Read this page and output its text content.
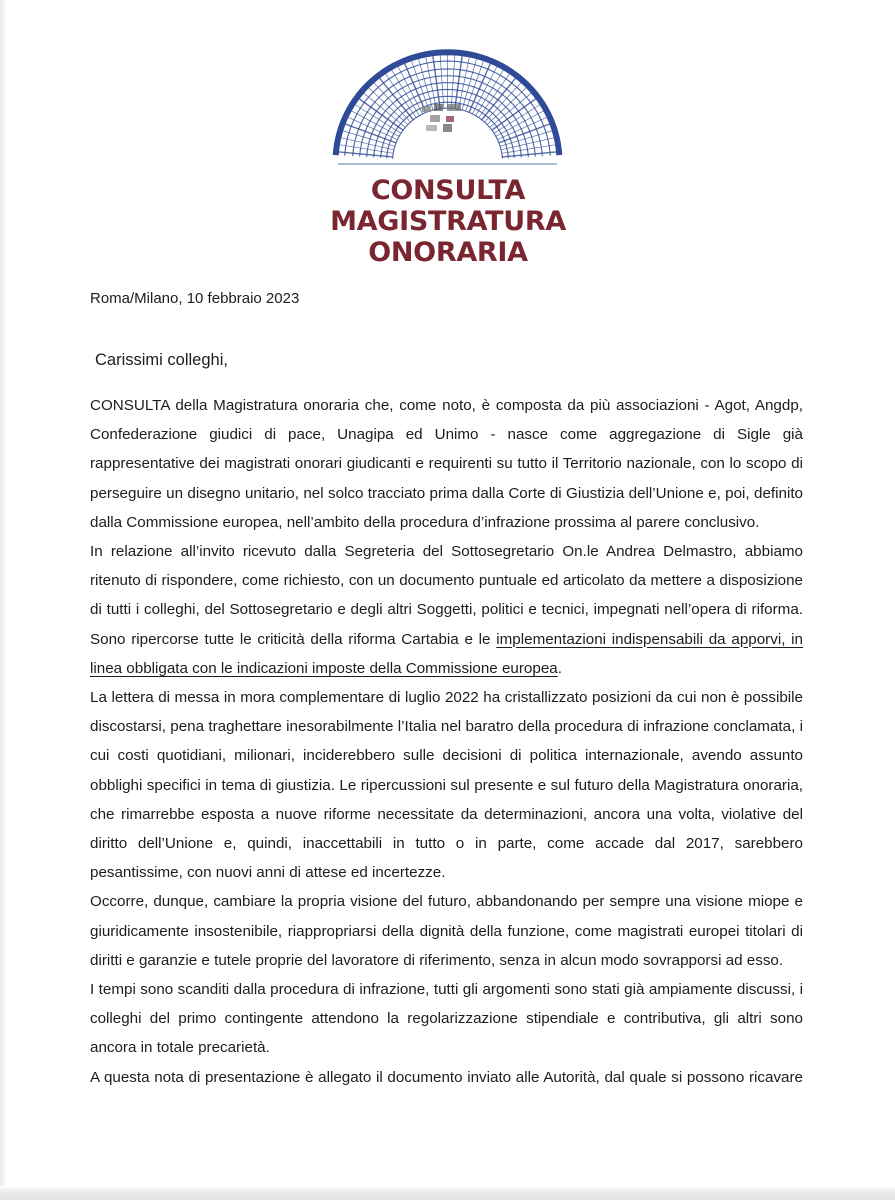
CONSULTA
MAGISTRATURA
ONORARIA
Roma/Milano, 10 febbraio 2023
Carissimi colleghi,

CONSULTA della Magistratura onoraria che, come noto, è composta da più associazioni - Agot, Angdp, Confederazione giudici di pace, Unagipa ed Unimo - nasce come aggregazione di Sigle già rappresentative dei magistrati onorari giudicanti e requirenti su tutto il Territorio nazionale, con lo scopo di perseguire un disegno unitario, nel solco tracciato prima dalla Corte di Giustizia dell’Unione e, poi, definito dalla Commissione europea, nell’ambito della procedura d’infrazione prossima al parere conclusivo.

In relazione all’invito ricevuto dalla Segreteria del Sottosegretario On.le Andrea Delmastro, abbiamo ritenuto di rispondere, come richiesto, con un documento puntuale ed articolato da mettere a disposizione di tutti i colleghi, del Sottosegretario e degli altri Soggetti, politici e tecnici, impegnati nell’opera di riforma. Sono ripercorse tutte le criticità della riforma Cartabia e le implementazioni indispensabili da apporvi, in linea obbligata con le indicazioni imposte della Commissione europea.

La lettera di messa in mora complementare di luglio 2022 ha cristallizzato posizioni da cui non è possibile discostarsi, pena traghettare inesorabilmente l’Italia nel baratro della procedura di infrazione conclamata, i cui costi quotidiani, milionari, inciderebbero sulle decisioni di politica internazionale, avendo assunto obblighi specifici in tema di giustizia. Le ripercussioni sul presente e sul futuro della Magistratura onoraria, che rimarrebbe esposta a nuove riforme necessitate da determinazioni, ancora una volta, violative del diritto dell’Unione e, quindi, inaccettabili in tutto o in parte, come accade dal 2017, sarebbero pesantissime, con nuovi anni di attese ed incertezze.

Occorre, dunque, cambiare la propria visione del futuro, abbandonando per sempre una visione miope e giuridicamente insostenibile, riappropriarsi della dignità della funzione, come magistrati europei titolari di diritti e garanzie e tutele proprie del lavoratore di riferimento, senza in alcun modo sovrapporsi ad esso.

I tempi sono scanditi dalla procedura di infrazione, tutti gli argomenti sono stati già ampiamente discussi, i colleghi del primo contingente attendono la regolarizzazione stipendiale e contributiva, gli altri sono ancora in totale precarietà.

A questa nota di presentazione è allegato il documento inviato alle Autorità, dal quale si possono ricavare
